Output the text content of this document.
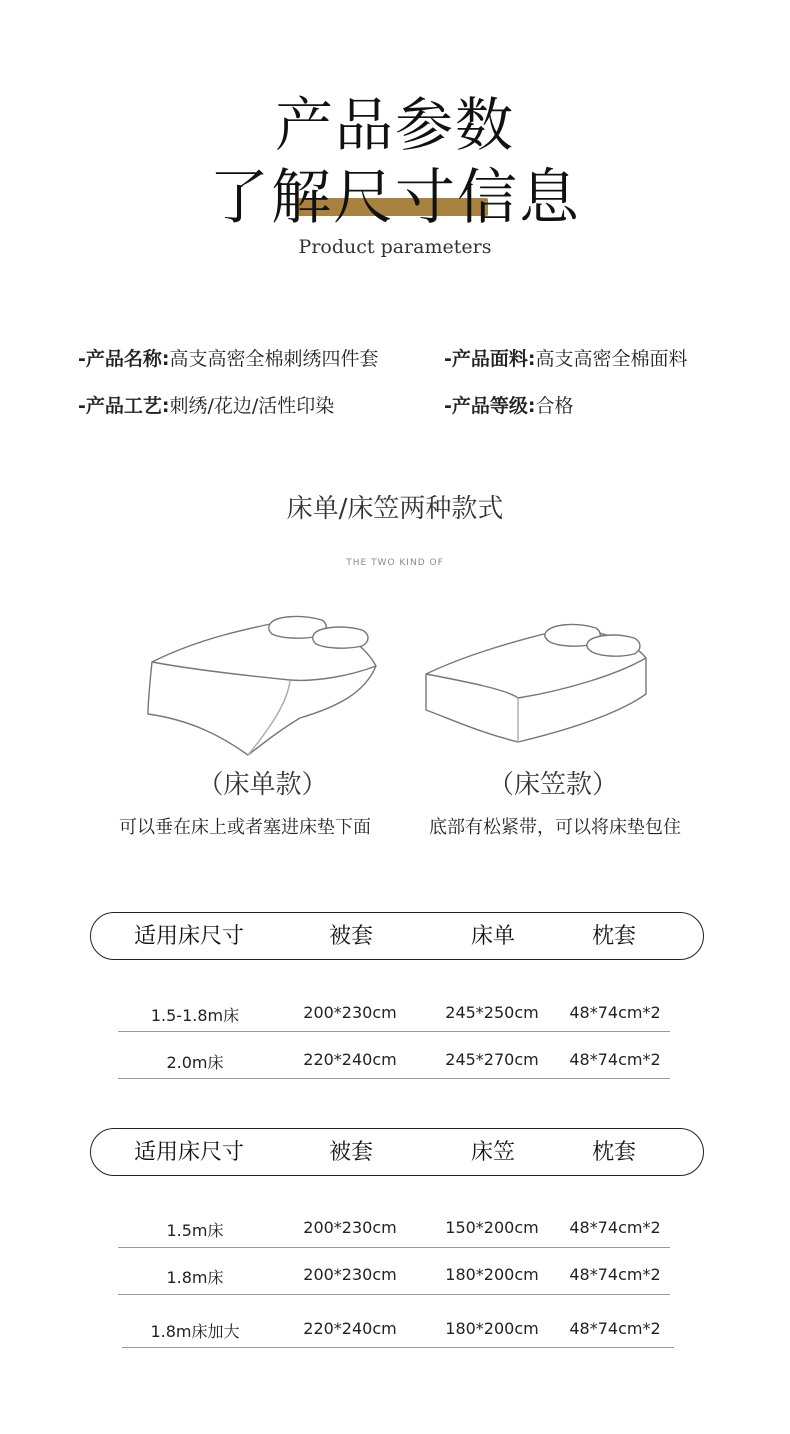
产品参数
了解尺寸信息
Product parameters
-产品名称:高支高密全棉刺绣四件套	-产品面料:高支高密全棉面料
-产品工艺:刺绣/花边/活性印染	-产品等级:合格
床单/床笠两种款式
THE TWO KIND OF
（床单款）
可以垂在床上或者塞进床垫下面
（床笠款）
底部有松紧带，可以将床垫包住
适用床尺寸	被套	床单	枕套
1.5-1.8m床	200*230cm	245*250cm	48*74cm*2
2.0m床	220*240cm	245*270cm	48*74cm*2
适用床尺寸	被套	床笠	枕套
1.5m床	200*230cm	150*200cm	48*74cm*2
1.8m床	200*230cm	180*200cm	48*74cm*2
1.8m床加大	220*240cm	180*200cm	48*74cm*2
